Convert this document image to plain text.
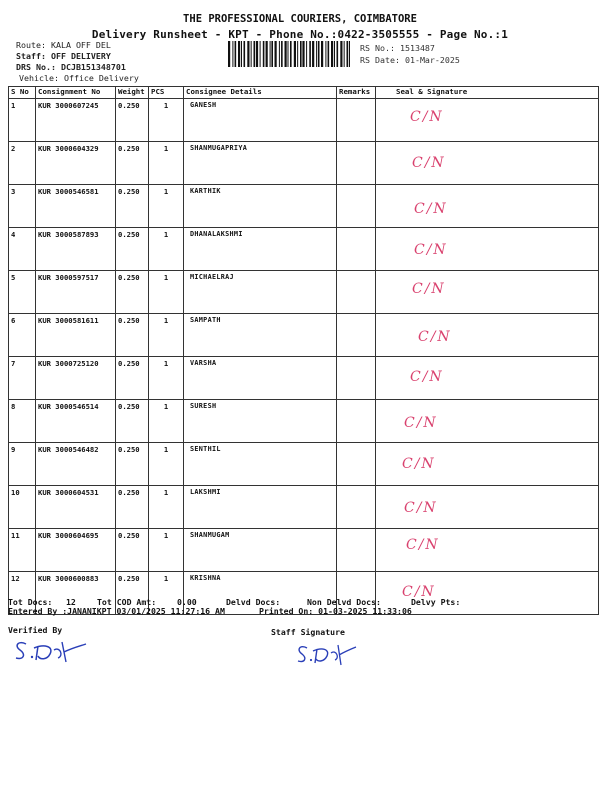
THE PROFESSIONAL COURIERS, COIMBATORE
Delivery Runsheet - KPT - Phone No.:0422-3505555 - Page No.:1
Route: KALA OFF DEL
Staff: OFF DELIVERY
DRS No.: DCJB151348701
Vehicle: Office Delivery
RS No.: 1513487
RS Date: 01-Mar-2025
S No	Consignment No	Weight	PCS	Consignee Details	Remarks	Seal & Signature
1	KUR 3000607245	0.250	1	GANESH		C/N

2	KUR 3000604329	0.250	1	SHANMUGAPRIYA		C/N

3	KUR 3000546581	0.250	1	KARTHIK		C/N

4	KUR 3000587893	0.250	1	DHANALAKSHMI		C/N

5	KUR 3000597517	0.250	1	MICHAELRAJ		C/N

6	KUR 3000581611	0.250	1	SAMPATH		C/N

7	KUR 3000725120	0.250	1	VARSHA		C/N

8	KUR 3000546514	0.250	1	SURESH		C/N

9	KUR 3000546482	0.250	1	SENTHIL		C/N

10	KUR 3000604531	0.250	1	LAKSHMI		C/N

11	KUR 3000604695	0.250	1	SHANMUGAM		C/N

12	KUR 3000600883	0.250	1	KRISHNA		C/N
Tot Docs: 12	Tot COD Amt:	0.00	Delvd Docs:	Non Delvd Docs:	Delvy Pts:
Entered By :JANANIKPT 03/01/2025 11:27:16 AM	Printed On: 01-03-2025 11:33:06
Verified By	Staff Signature
